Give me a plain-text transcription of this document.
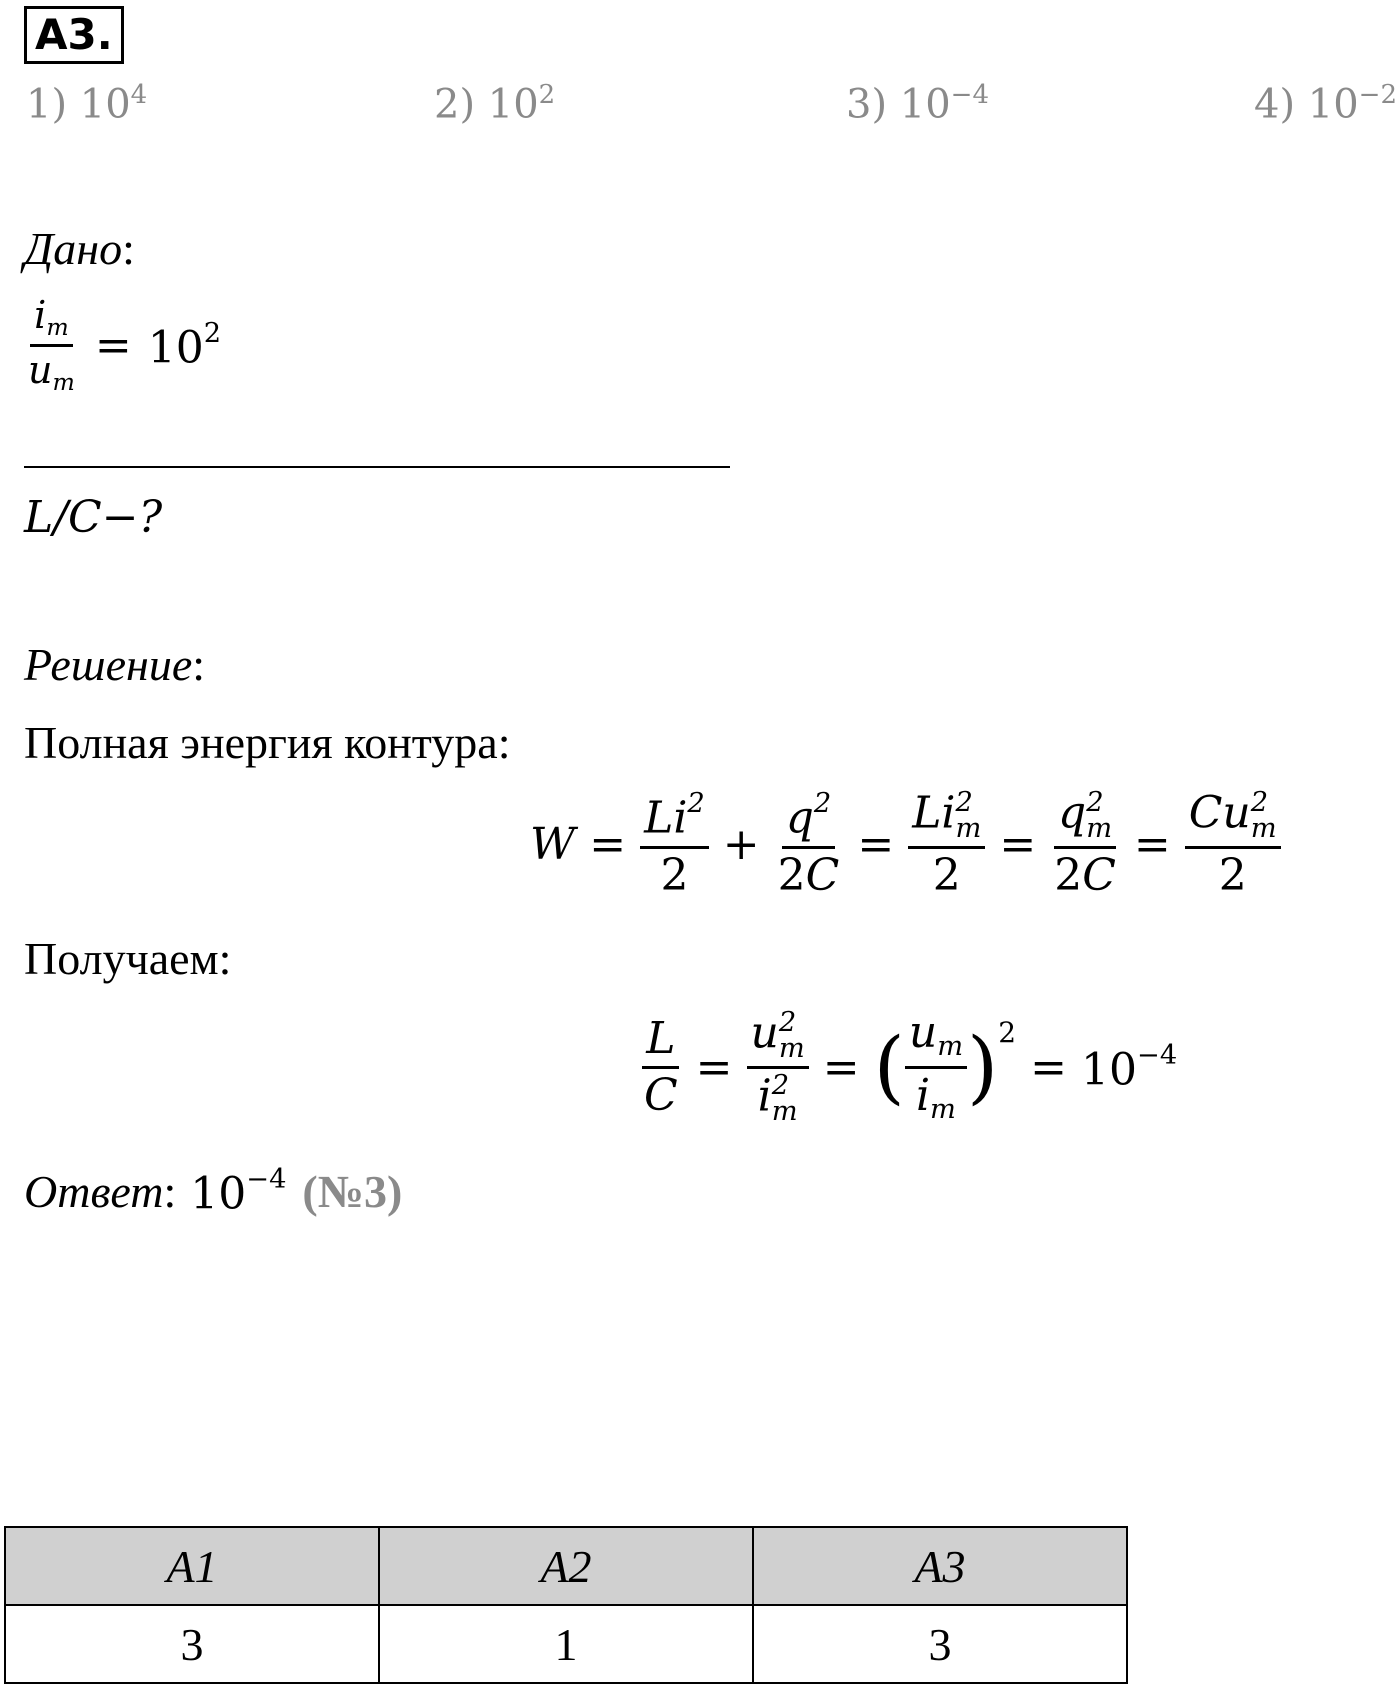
А3.
1) $10^4$	2) $10^2$	3) $10^{-4}$	4) $10^{-2}$
Дано:
$\frac{i_m}{u_m} = 10^2$
L/C−?
Решение:
Полная энергия контура:
$W = \frac{Li^2}{2} + \frac{q^2}{2C} = Li$ 2
m
2 = q 2
m
2C = Cu 2
m
2
Получаем:
$\frac{L}{C} = u$ 2
m
i 2
m = ( $\frac{u_m}{i_m}$ ) 2
= $10^{-4}$
Ответ : $10^{-4}$ (№3)
A1	A2	A3
3	1	3
